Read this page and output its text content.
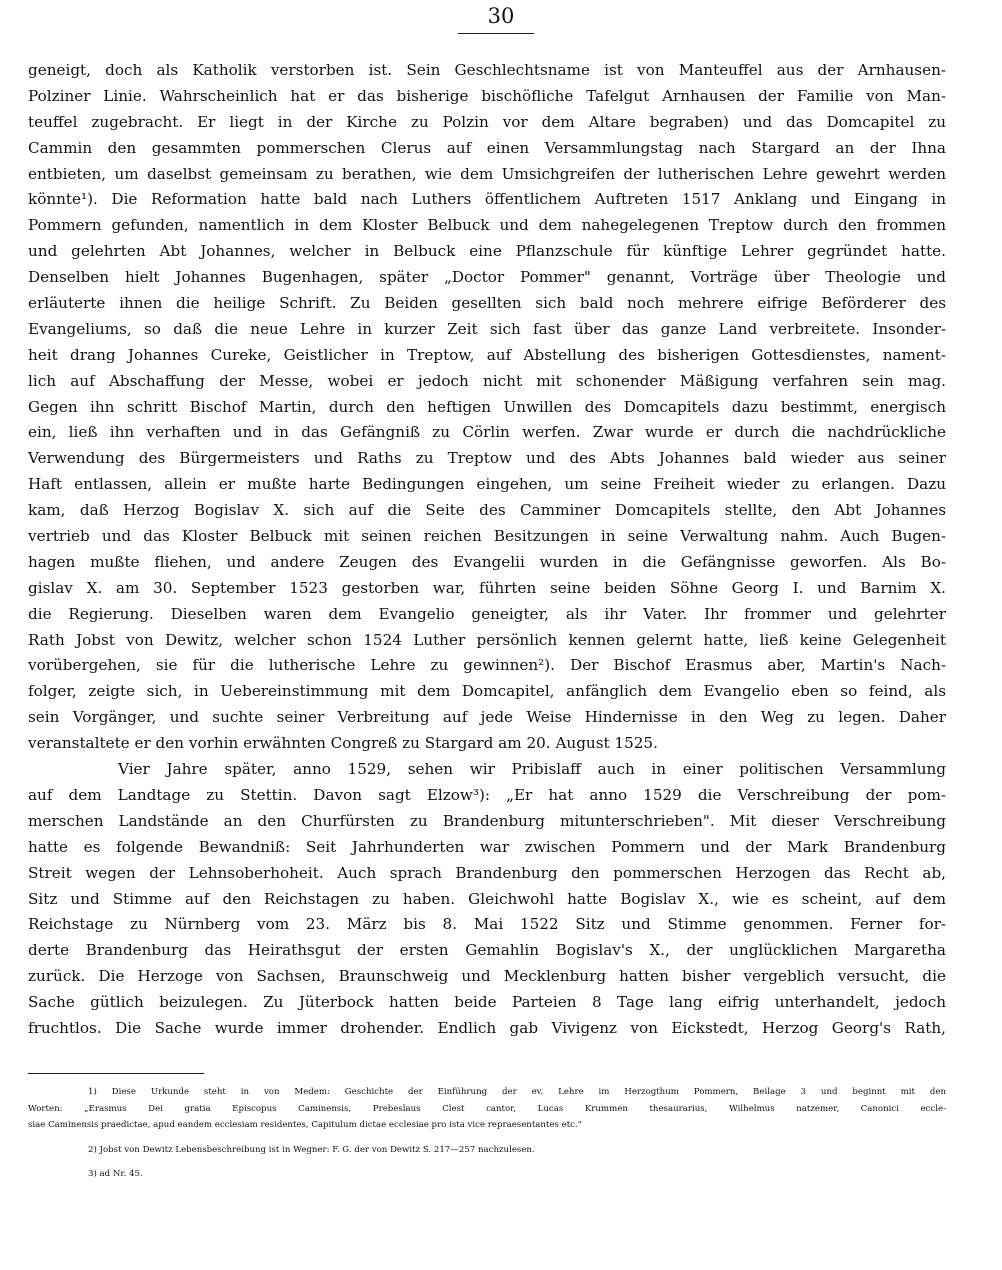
30
geneigt, doch als Katholik verstorben ist. Sein Geschlechtsname ist von Manteuffel aus der Arnhausen-
Polziner Linie. Wahrscheinlich hat er das bisherige bischöfliche Tafelgut Arnhausen der Familie von Man-
teuffel zugebracht. Er liegt in der Kirche zu Polzin vor dem Altare begraben) und das Domcapitel zu
Cammin den gesammten pommerschen Clerus auf einen Versammlungstag nach Stargard an der Ihna
entbieten, um daselbst gemeinsam zu berathen, wie dem Umsichgreifen der lutherischen Lehre gewehrt werden
könnte¹). Die Reformation hatte bald nach Luthers öffentlichem Auftreten 1517 Anklang und Eingang in
Pommern gefunden, namentlich in dem Kloster Belbuck und dem nahegelegenen Treptow durch den frommen
und gelehrten Abt Johannes, welcher in Belbuck eine Pflanzschule für künftige Lehrer gegründet hatte.
Denselben hielt Johannes Bugenhagen, später „Doctor Pommer" genannt, Vorträge über Theologie und
erläuterte ihnen die heilige Schrift. Zu Beiden gesellten sich bald noch mehrere eifrige Beförderer des
Evangeliums, so daß die neue Lehre in kurzer Zeit sich fast über das ganze Land verbreitete. Insonder-
heit drang Johannes Cureke, Geistlicher in Treptow, auf Abstellung des bisherigen Gottesdienstes, nament-
lich auf Abschaffung der Messe, wobei er jedoch nicht mit schonender Mäßigung verfahren sein mag.
Gegen ihn schritt Bischof Martin, durch den heftigen Unwillen des Domcapitels dazu bestimmt, energisch
ein, ließ ihn verhaften und in das Gefängniß zu Cörlin werfen. Zwar wurde er durch die nachdrückliche
Verwendung des Bürgermeisters und Raths zu Treptow und des Abts Johannes bald wieder aus seiner
Haft entlassen, allein er mußte harte Bedingungen eingehen, um seine Freiheit wieder zu erlangen. Dazu
kam, daß Herzog Bogislav X. sich auf die Seite des Camminer Domcapitels stellte, den Abt Johannes
vertrieb und das Kloster Belbuck mit seinen reichen Besitzungen in seine Verwaltung nahm. Auch Bugen-
hagen mußte fliehen, und andere Zeugen des Evangelii wurden in die Gefängnisse geworfen. Als Bo-
gislav X. am 30. September 1523 gestorben war, führten seine beiden Söhne Georg I. und Barnim X.
die Regierung. Dieselben waren dem Evangelio geneigter, als ihr Vater. Ihr frommer und gelehrter
Rath Jobst von Dewitz, welcher schon 1524 Luther persönlich kennen gelernt hatte, ließ keine Gelegenheit
vorübergehen, sie für die lutherische Lehre zu gewinnen²). Der Bischof Erasmus aber, Martin's Nach-
folger, zeigte sich, in Uebereinstimmung mit dem Domcapitel, anfänglich dem Evangelio eben so feind, als
sein Vorgänger, und suchte seiner Verbreitung auf jede Weise Hindernisse in den Weg zu legen. Daher
veranstaltete er den vorhin erwähnten Congreß zu Stargard am 20. August 1525.
Vier Jahre später, anno 1529, sehen wir Pribislaff auch in einer politischen Versammlung
auf dem Landtage zu Stettin. Davon sagt Elzow³): „Er hat anno 1529 die Verschreibung der pom-
merschen Landstände an den Churfürsten zu Brandenburg mitunterschrieben". Mit dieser Verschreibung
hatte es folgende Bewandniß: Seit Jahrhunderten war zwischen Pommern und der Mark Brandenburg
Streit wegen der Lehnsoberhoheit. Auch sprach Brandenburg den pommerschen Herzogen das Recht ab,
Sitz und Stimme auf den Reichstagen zu haben. Gleichwohl hatte Bogislav X., wie es scheint, auf dem
Reichstage zu Nürnberg vom 23. März bis 8. Mai 1522 Sitz und Stimme genommen. Ferner for-
derte Brandenburg das Heirathsgut der ersten Gemahlin Bogislav's X., der unglücklichen Margaretha
zurück. Die Herzoge von Sachsen, Braunschweig und Mecklenburg hatten bisher vergeblich versucht, die
Sache gütlich beizulegen. Zu Jüterbock hatten beide Parteien 8 Tage lang eifrig unterhandelt, jedoch
fruchtlos. Die Sache wurde immer drohender. Endlich gab Vivigenz von Eickstedt, Herzog Georg's Rath,
1) Diese Urkunde steht in von Medem: Geschichte der Einführung der ev. Lehre im Herzogthum Pommern, Beilage 3 und beginnt mit den
Worten: „Erasmus Dei gratia Episcopus Caminensis, Prebeslaus Clest cantor, Lucas Krummen thesaurarius, Wilhelmus natzemer, Canonici eccle-
siae Caminensis praedictae, apud eandem ecclesiam residentes, Capitulum dictae ecclesiae pro ista vice repraesentantes etc."
2) Jobst von Dewitz Lebensbeschreibung ist in Wegner: F. G. der von Dewitz S. 217—257 nachzulesen.
3) ad Nr. 45.
